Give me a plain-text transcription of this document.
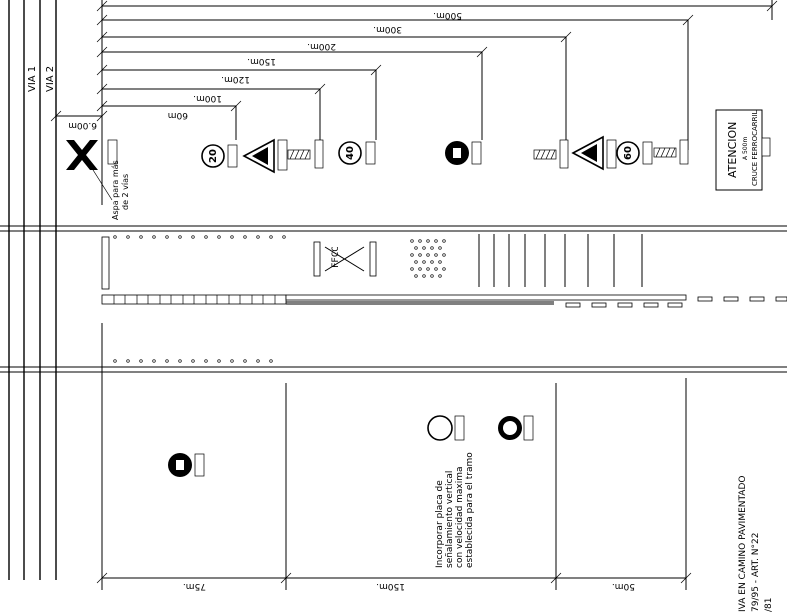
VIA 1 VIA 2
500m.
300m.
200m.
150m.
120m.
100m.
60m
6.00m
Aspa para más de 2 vías
20	40	60	ATENCION A 500m CRUCE FERROCARRIL
FFCC
Incorporar placa de señalamiento vertical con velocidad maxima establecida para el tramo
75m.	150m.	50m.	IVA EN CAMINO PAVIMENTADO 79/95 - ART. N°22 /81
